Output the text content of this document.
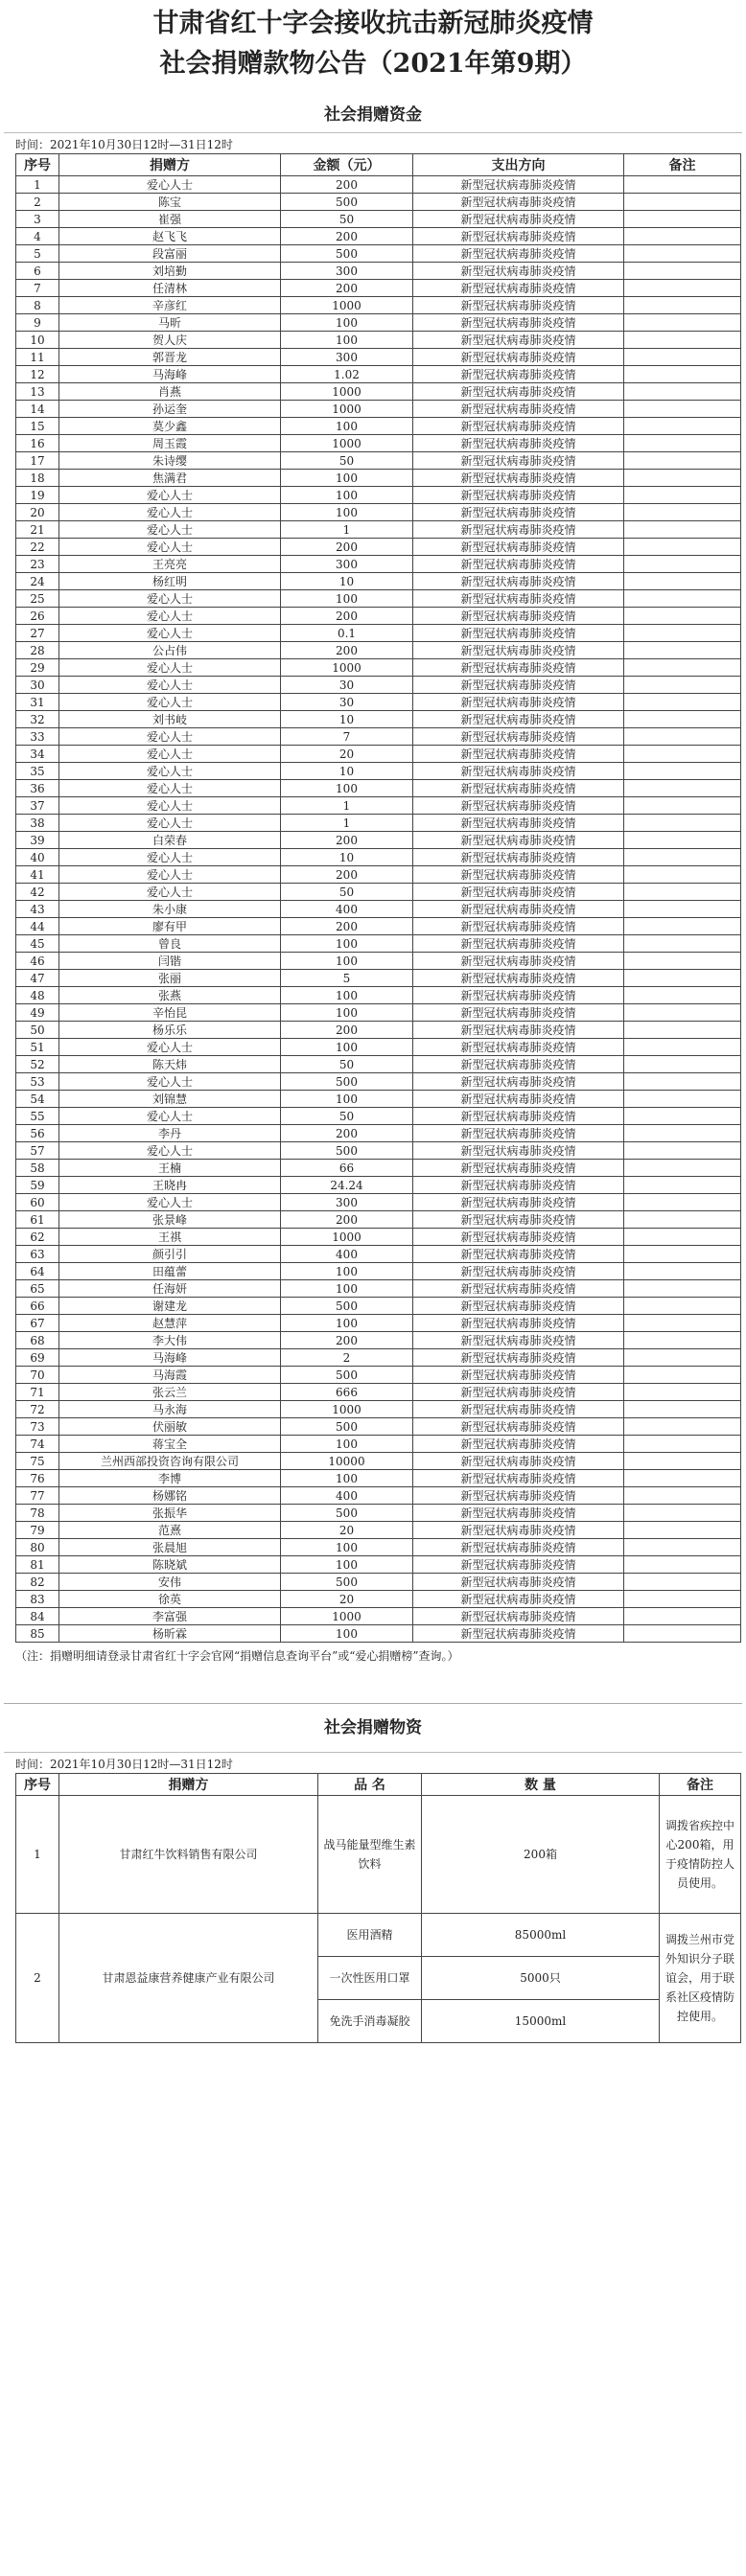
甘肃省红十字会接收抗击新冠肺炎疫情

社会捐赠款物公告（2021年第9期）

社会捐赠资金
时间：2021年10月30日12时—31日12时
序号	捐赠方	金额（元）	支出方向	备注
1	爱心人士	200	新型冠状病毒肺炎疫情	
2	陈宝	500	新型冠状病毒肺炎疫情	
3	崔强	50	新型冠状病毒肺炎疫情	
4	赵飞飞	200	新型冠状病毒肺炎疫情	
5	段富丽	500	新型冠状病毒肺炎疫情	
6	刘培勤	300	新型冠状病毒肺炎疫情	
7	任清林	200	新型冠状病毒肺炎疫情	
8	辛彦红	1000	新型冠状病毒肺炎疫情	
9	马昕	100	新型冠状病毒肺炎疫情	
10	贺人庆	100	新型冠状病毒肺炎疫情	
11	郭晋龙	300	新型冠状病毒肺炎疫情	
12	马海峰	1.02	新型冠状病毒肺炎疫情	
13	肖燕	1000	新型冠状病毒肺炎疫情	
14	孙运奎	1000	新型冠状病毒肺炎疫情	
15	莫少鑫	100	新型冠状病毒肺炎疫情	
16	周玉霞	1000	新型冠状病毒肺炎疫情	
17	朱诗缨	50	新型冠状病毒肺炎疫情	
18	焦满君	100	新型冠状病毒肺炎疫情	
19	爱心人士	100	新型冠状病毒肺炎疫情	
20	爱心人士	100	新型冠状病毒肺炎疫情	
21	爱心人士	1	新型冠状病毒肺炎疫情	
22	爱心人士	200	新型冠状病毒肺炎疫情	
23	王亮亮	300	新型冠状病毒肺炎疫情	
24	杨红明	10	新型冠状病毒肺炎疫情	
25	爱心人士	100	新型冠状病毒肺炎疫情	
26	爱心人士	200	新型冠状病毒肺炎疫情	
27	爱心人士	0.1	新型冠状病毒肺炎疫情	
28	公占伟	200	新型冠状病毒肺炎疫情	
29	爱心人士	1000	新型冠状病毒肺炎疫情	
30	爱心人士	30	新型冠状病毒肺炎疫情	
31	爱心人士	30	新型冠状病毒肺炎疫情	
32	刘书岐	10	新型冠状病毒肺炎疫情	
33	爱心人士	7	新型冠状病毒肺炎疫情	
34	爱心人士	20	新型冠状病毒肺炎疫情	
35	爱心人士	10	新型冠状病毒肺炎疫情	
36	爱心人士	100	新型冠状病毒肺炎疫情	
37	爱心人士	1	新型冠状病毒肺炎疫情	
38	爱心人士	1	新型冠状病毒肺炎疫情	
39	白荣春	200	新型冠状病毒肺炎疫情	
40	爱心人士	10	新型冠状病毒肺炎疫情	
41	爱心人士	200	新型冠状病毒肺炎疫情	
42	爱心人士	50	新型冠状病毒肺炎疫情	
43	朱小康	400	新型冠状病毒肺炎疫情	
44	廖有甲	200	新型冠状病毒肺炎疫情	
45	曾良	100	新型冠状病毒肺炎疫情	
46	闫锴	100	新型冠状病毒肺炎疫情	
47	张丽	5	新型冠状病毒肺炎疫情	
48	张燕	100	新型冠状病毒肺炎疫情	
49	辛怡昆	100	新型冠状病毒肺炎疫情	
50	杨乐乐	200	新型冠状病毒肺炎疫情	
51	爱心人士	100	新型冠状病毒肺炎疫情	
52	陈天炜	50	新型冠状病毒肺炎疫情	
53	爱心人士	500	新型冠状病毒肺炎疫情	
54	刘锦慧	100	新型冠状病毒肺炎疫情	
55	爱心人士	50	新型冠状病毒肺炎疫情	
56	李丹	200	新型冠状病毒肺炎疫情	
57	爱心人士	500	新型冠状病毒肺炎疫情	
58	王楠	66	新型冠状病毒肺炎疫情	
59	王晓冉	24.24	新型冠状病毒肺炎疫情	
60	爱心人士	300	新型冠状病毒肺炎疫情	
61	张景峰	200	新型冠状病毒肺炎疫情	
62	王祺	1000	新型冠状病毒肺炎疫情	
63	颜引引	400	新型冠状病毒肺炎疫情	
64	田蕴蕾	100	新型冠状病毒肺炎疫情	
65	任海妍	100	新型冠状病毒肺炎疫情	
66	谢建龙	500	新型冠状病毒肺炎疫情	
67	赵慧萍	100	新型冠状病毒肺炎疫情	
68	李大伟	200	新型冠状病毒肺炎疫情	
69	马海峰	2	新型冠状病毒肺炎疫情	
70	马海霞	500	新型冠状病毒肺炎疫情	
71	张云兰	666	新型冠状病毒肺炎疫情	
72	马永海	1000	新型冠状病毒肺炎疫情	
73	伏丽敏	500	新型冠状病毒肺炎疫情	
74	蒋宝全	100	新型冠状病毒肺炎疫情	
75	兰州西部投资咨询有限公司	10000	新型冠状病毒肺炎疫情	
76	李博	100	新型冠状病毒肺炎疫情	
77	杨娜铭	400	新型冠状病毒肺炎疫情	
78	张振华	500	新型冠状病毒肺炎疫情	
79	范熹	20	新型冠状病毒肺炎疫情	
80	张晨旭	100	新型冠状病毒肺炎疫情	
81	陈晓斌	100	新型冠状病毒肺炎疫情	
82	安伟	500	新型冠状病毒肺炎疫情	
83	徐英	20	新型冠状病毒肺炎疫情	
84	李富强	1000	新型冠状病毒肺炎疫情	
85	杨昕霖	100	新型冠状病毒肺炎疫情	
（注：捐赠明细请登录甘肃省红十字会官网“捐赠信息查询平台”或“爱心捐赠榜”查询。）
社会捐赠物资
时间：2021年10月30日12时—31日12时
序号	捐赠方	品 名	数 量	备注
1	甘肃红牛饮料销售有限公司	战马能量型维生素饮料	200箱	调拨省疾控中心200箱，用于疫情防控人员使用。
2	甘肃恩益康营养健康产业有限公司	医用酒精	85000ml	调拨兰州市党外知识分子联谊会，用于联系社区疫情防控使用。
		一次性医用口罩	5000只	
		免洗手消毒凝胶	15000ml	
